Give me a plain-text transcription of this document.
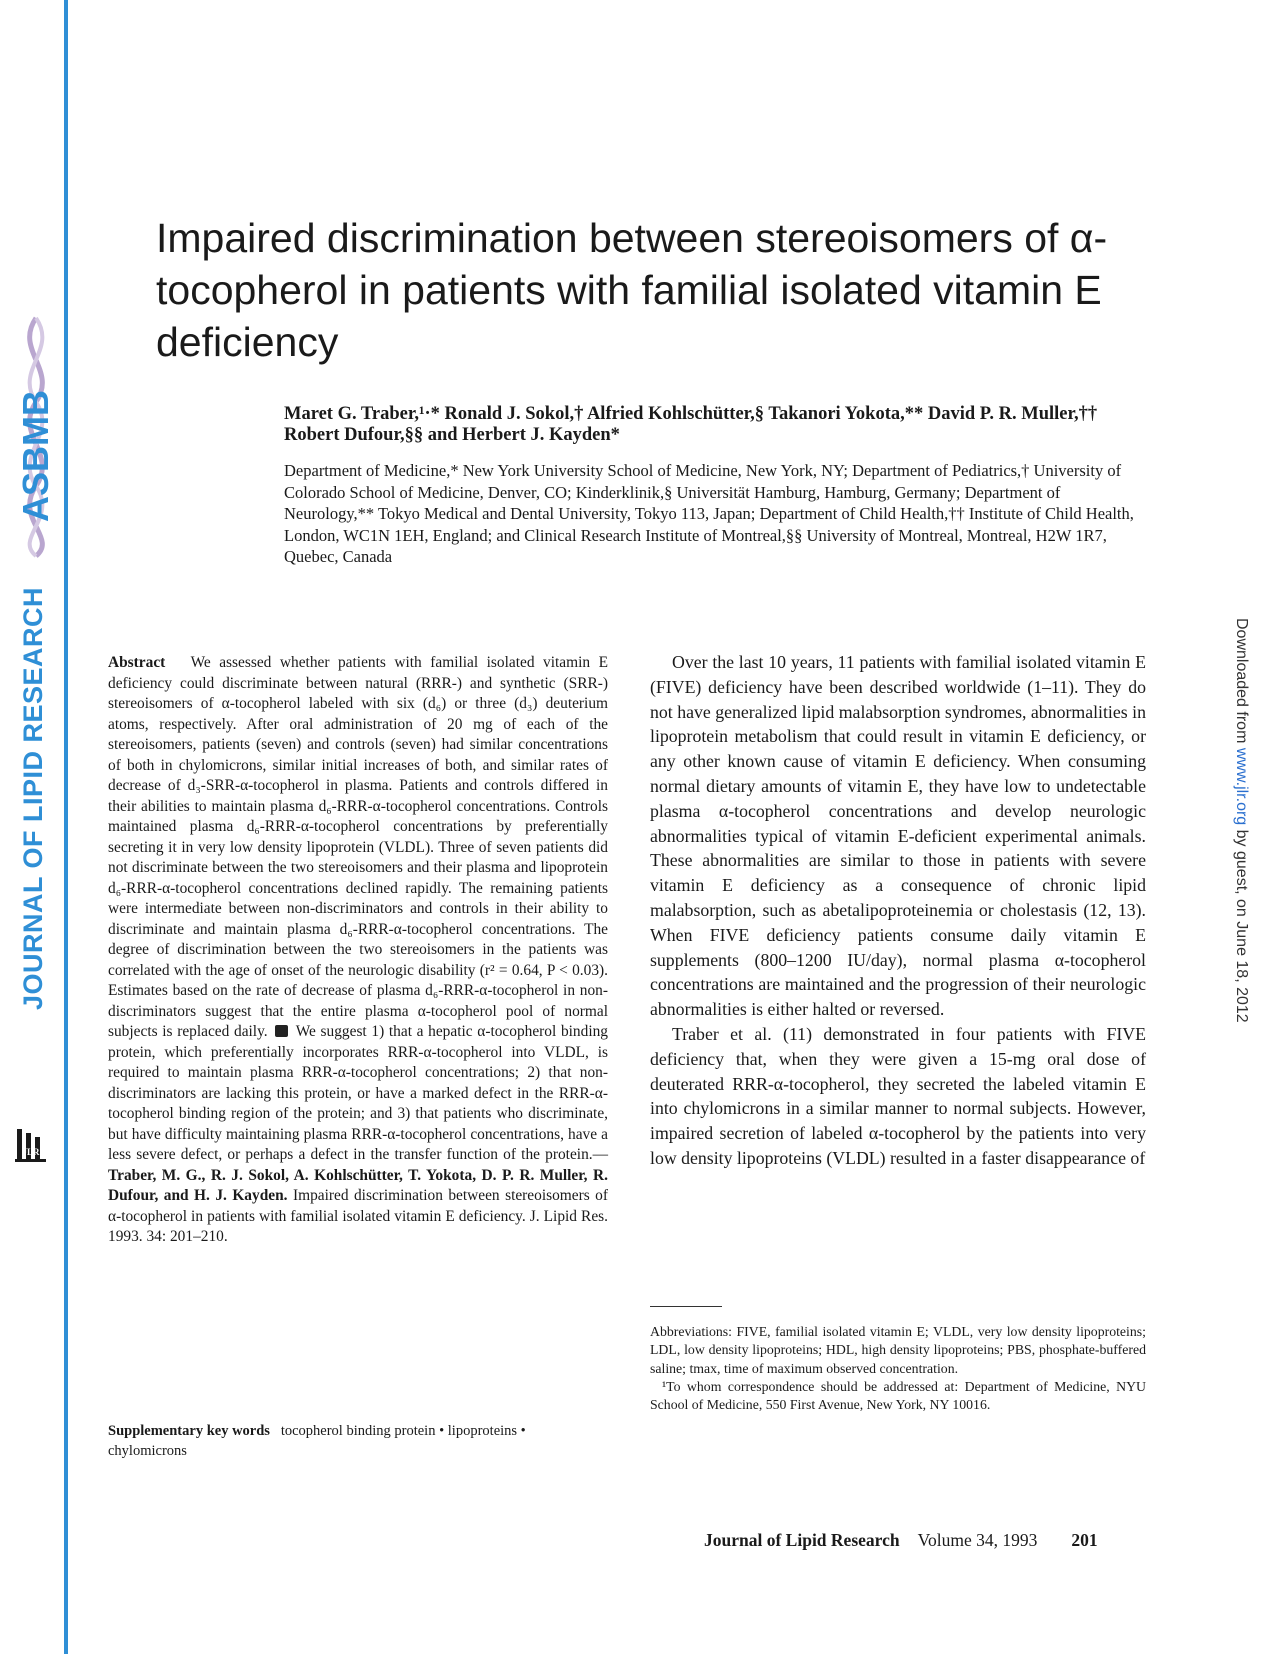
ASBMB
JOURNAL OF LIPID RESEARCH
JLR
Downloaded from www.jlr.org by guest, on June 18, 2012
Impaired discrimination between stereoisomers of α-tocopherol in patients with familial isolated vitamin E deficiency
Maret G. Traber,¹·* Ronald J. Sokol,† Alfried Kohlschütter,§ Takanori Yokota,** David P. R. Muller,†† Robert Dufour,§§ and Herbert J. Kayden*
Department of Medicine,* New York University School of Medicine, New York, NY; Department of Pediatrics,† University of Colorado School of Medicine, Denver, CO; Kinderklinik,§ Universität Hamburg, Hamburg, Germany; Department of Neurology,** Tokyo Medical and Dental University, Tokyo 113, Japan; Department of Child Health,†† Institute of Child Health, London, WC1N 1EH, England; and Clinical Research Institute of Montreal,§§ University of Montreal, Montreal, H2W 1R7, Quebec, Canada
Abstract We assessed whether patients with familial isolated vitamin E deficiency could discriminate between natural (RRR-) and synthetic (SRR-) stereoisomers of α-tocopherol labeled with six (d₆) or three (d₃) deuterium atoms, respectively. After oral administration of 20 mg of each of the stereoisomers, patients (seven) and controls (seven) had similar concentrations of both in chylomicrons, similar initial increases of both, and similar rates of decrease of d₃-SRR-α-tocopherol in plasma. Patients and controls differed in their abilities to maintain plasma d₆-RRR-α-tocopherol concentrations. Controls maintained plasma d₆-RRR-α-tocopherol concentrations by preferentially secreting it in very low density lipoprotein (VLDL). Three of seven patients did not discriminate between the two stereoisomers and their plasma and lipoprotein d₆-RRR-α-tocopherol concentrations declined rapidly. The remaining patients were intermediate between non-discriminators and controls in their ability to discriminate and maintain plasma d₆-RRR-α-tocopherol concentrations. The degree of discrimination between the two stereoisomers in the patients was correlated with the age of onset of the neurologic disability (r² = 0.64, P < 0.03). Estimates based on the rate of decrease of plasma d₆-RRR-α-tocopherol in non-discriminators suggest that the entire plasma α-tocopherol pool of normal subjects is replaced daily. We suggest 1) that a hepatic α-tocopherol binding protein, which preferentially incorporates RRR-α-tocopherol into VLDL, is required to maintain plasma RRR-α-tocopherol concentrations; 2) that non-discriminators are lacking this protein, or have a marked defect in the RRR-α-tocopherol binding region of the protein; and 3) that patients who discriminate, but have difficulty maintaining plasma RRR-α-tocopherol concentrations, have a less severe defect, or perhaps a defect in the transfer function of the protein.—Traber, M. G., R. J. Sokol, A. Kohlschütter, T. Yokota, D. P. R. Muller, R. Dufour, and H. J. Kayden. Impaired discrimination between stereoisomers of α-tocopherol in patients with familial isolated vitamin E deficiency. J. Lipid Res. 1993. 34: 201–210.
Supplementary key words tocopherol binding protein • lipoproteins • chylomicrons

Over the last 10 years, 11 patients with familial isolated vitamin E (FIVE) deficiency have been described worldwide (1–11). They do not have generalized lipid malabsorption syndromes, abnormalities in lipoprotein metabolism that could result in vitamin E deficiency, or any other known cause of vitamin E deficiency. When consuming normal dietary amounts of vitamin E, they have low to undetectable plasma α-tocopherol concentrations and develop neurologic abnormalities typical of vitamin E-deficient experimental animals. These abnormalities are similar to those in patients with severe vitamin E deficiency as a consequence of chronic lipid malabsorption, such as abetalipoproteinemia or cholestasis (12, 13). When FIVE deficiency patients consume daily vitamin E supplements (800–1200 IU/day), normal plasma α-tocopherol concentrations are maintained and the progression of their neurologic abnormalities is either halted or reversed.

Traber et al. (11) demonstrated in four patients with FIVE deficiency that, when they were given a 15-mg oral dose of deuterated RRR-α-tocopherol, they secreted the labeled vitamin E into chylomicrons in a similar manner to normal subjects. However, impaired secretion of labeled α-tocopherol by the patients into very low density lipoproteins (VLDL) resulted in a faster disappearance of

Abbreviations: FIVE, familial isolated vitamin E; VLDL, very low density lipoproteins; LDL, low density lipoproteins; HDL, high density lipoproteins; PBS, phosphate-buffered saline; tmax, time of maximum observed concentration.

¹To whom correspondence should be addressed at: Department of Medicine, NYU School of Medicine, 550 First Avenue, New York, NY 10016.

Journal of Lipid Research Volume 34, 1993 201
